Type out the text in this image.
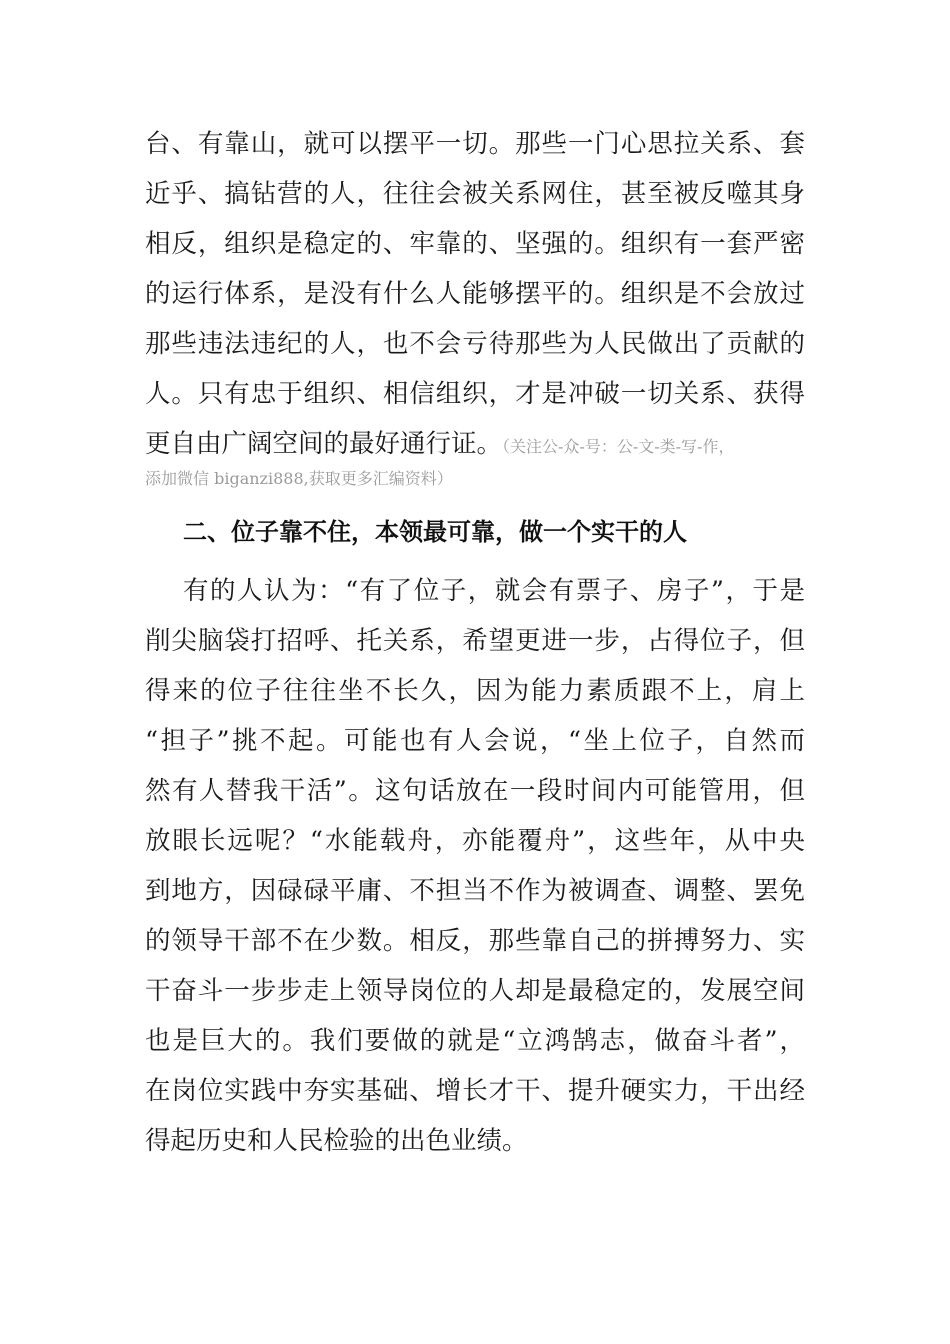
台、有靠山，就可以摆平一切。那些一门心思拉关系、套
近乎、搞钻营的人，往往会被关系网住，甚至被反噬其身
相反，组织是稳定的、牢靠的、坚强的。组织有一套严密
的运行体系，是没有什么人能够摆平的。组织是不会放过
那些违法违纪的人，也不会亏待那些为人民做出了贡献的
人。只有忠于组织、相信组织，才是冲破一切关系、获得
更自由广阔空间的最好通行证。（关注公-众-号：公-文-类-写-作，
添加微信 biganzi888,获取更多汇编资料）
二、位子靠不住，本领最可靠，做一个实干的人
有的人认为：“有了位子，就会有票子、房子”，于是
削尖脑袋打招呼、托关系，希望更进一步，占得位子，但
得来的位子往往坐不长久，因为能力素质跟不上，肩上
“担子”挑不起。可能也有人会说，“坐上位子，自然而
然有人替我干活”。这句话放在一段时间内可能管用，但
放眼长远呢？“水能载舟，亦能覆舟”，这些年，从中央
到地方，因碌碌平庸、不担当不作为被调查、调整、罢免
的领导干部不在少数。相反，那些靠自己的拼搏努力、实
干奋斗一步步走上领导岗位的人却是最稳定的，发展空间
也是巨大的。我们要做的就是“立鸿鹄志，做奋斗者”，
在岗位实践中夯实基础、增长才干、提升硬实力，干出经
得起历史和人民检验的出色业绩。
